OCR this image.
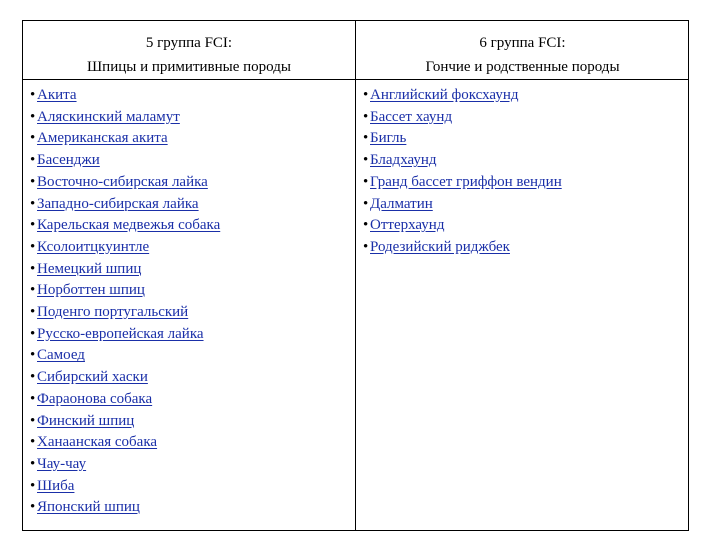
5 группа FCI:
Шпицы и примитивные породы
6 группа FCI:
Гончие и родственные породы
• Акита
• Аляскинский маламут
• Американская акита
• Басенджи
• Восточно-сибирская лайка
• Западно-сибирская лайка
• Карельская медвежья собака
• Ксолоитцкуинтле
• Немецкий шпиц
• Норботтен шпиц
• Поденго португальский
• Русско-европейская лайка
• Самоед
• Сибирский хаски
• Фараонова собака
• Финский шпиц
• Ханаанская собака
• Чау-чау
• Шиба
• Японский шпиц
• Английский фоксхаунд
• Бассет хаунд
• Бигль
• Бладхаунд
• Гранд бассет гриффон вендин
• Далматин
• Оттерхаунд
• Родезийский риджбек
